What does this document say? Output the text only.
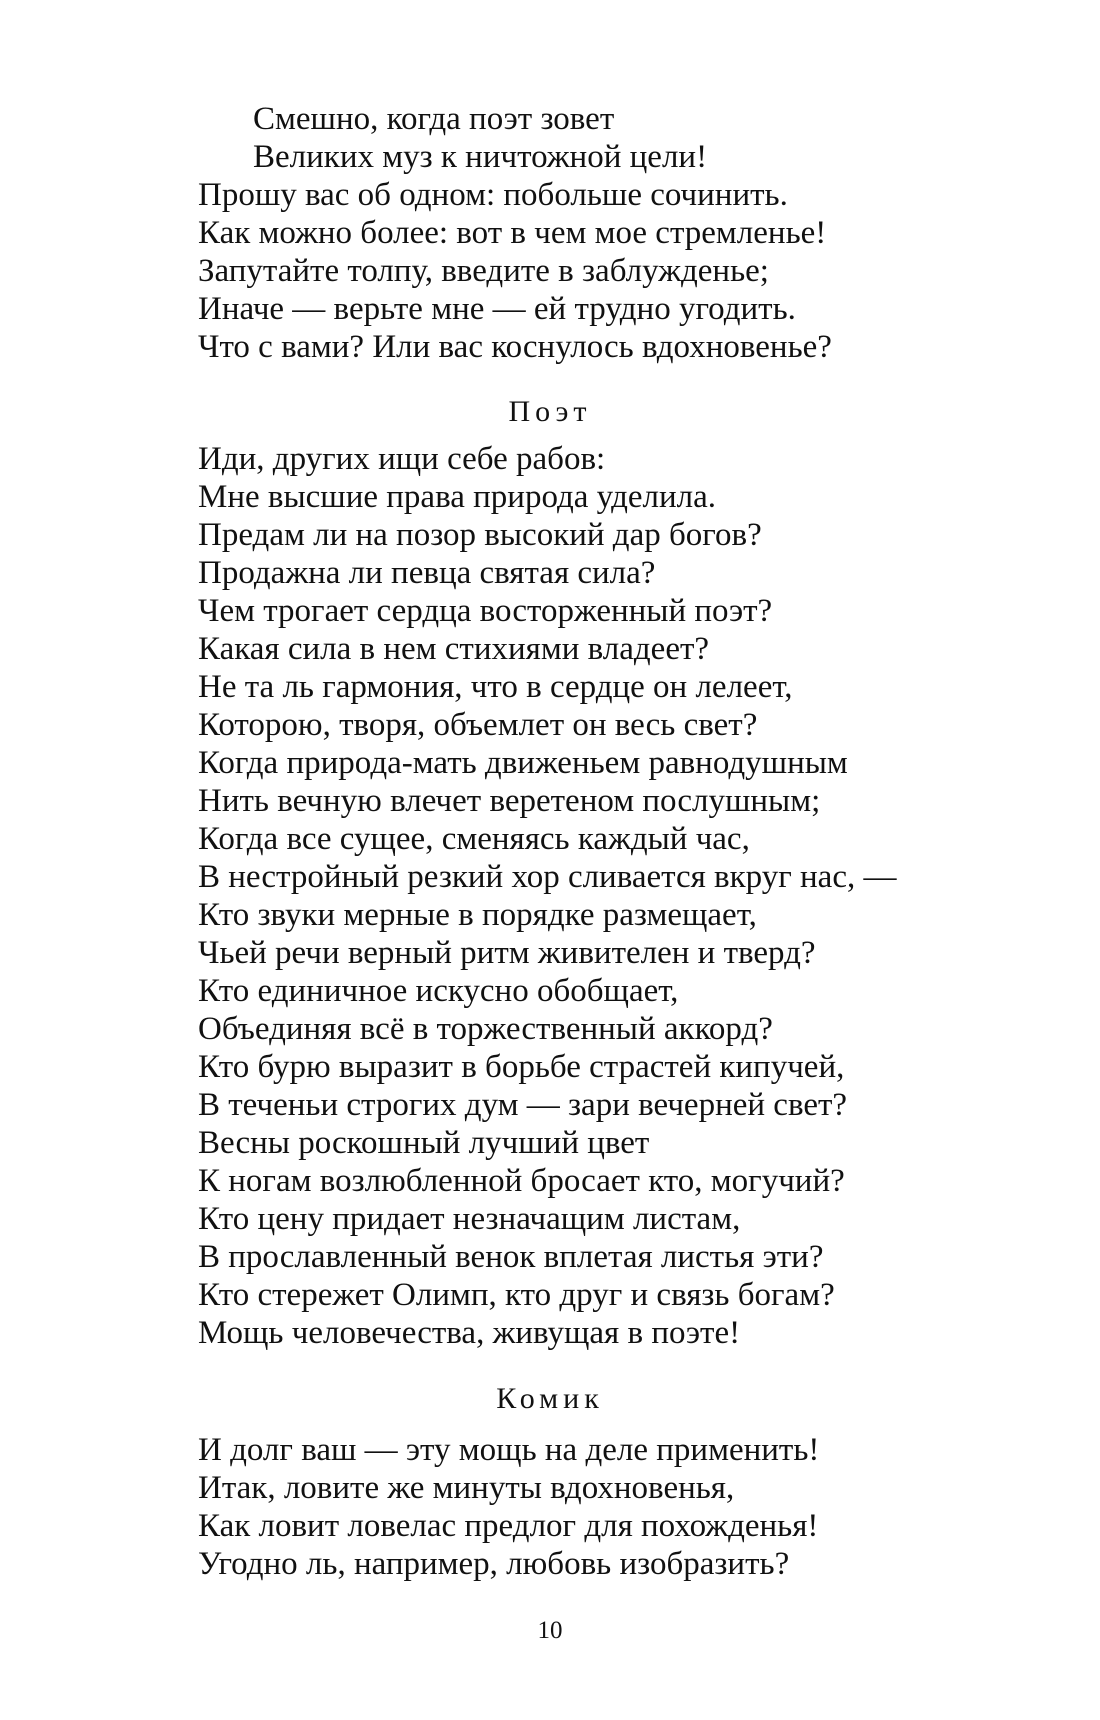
Смешно, когда поэт зовет
Великих муз к ничтожной цели!
Прошу вас об одном: побольше сочинить.
Как можно более: вот в чем мое стремленье!
Запутайте толпу, введите в заблужденье;
Иначе — верьте мне — ей трудно угодить.
Что с вами? Или вас коснулось вдохновенье?
Поэт
Иди, других ищи себе рабов:
Мне высшие права природа уделила.
Предам ли на позор высокий дар богов?
Продажна ли певца святая сила?
Чем трогает сердца восторженный поэт?
Какая сила в нем стихиями владеет?
Не та ль гармония, что в сердце он лелеет,
Которою, творя, объемлет он весь свет?
Когда природа-мать движеньем равнодушным
Нить вечную влечет веретеном послушным;
Когда все сущее, сменяясь каждый час,
В нестройный резкий хор сливается вкруг нас, —
Кто звуки мерные в порядке размещает,
Чьей речи верный ритм живителен и тверд?
Кто единичное искусно обобщает,
Объединяя всё в торжественный аккорд?
Кто бурю выразит в борьбе страстей кипучей,
В теченьи строгих дум — зари вечерней свет?
Весны роскошный лучший цвет
К ногам возлюбленной бросает кто, могучий?
Кто цену придает незначащим листам,
В прославленный венок вплетая листья эти?
Кто стережет Олимп, кто друг и связь богам?
Мощь человечества, живущая в поэте!
Комик
И долг ваш — эту мощь на деле применить!
Итак, ловите же минуты вдохновенья,
Как ловит ловелас предлог для похожденья!
Угодно ль, например, любовь изобразить?
10
